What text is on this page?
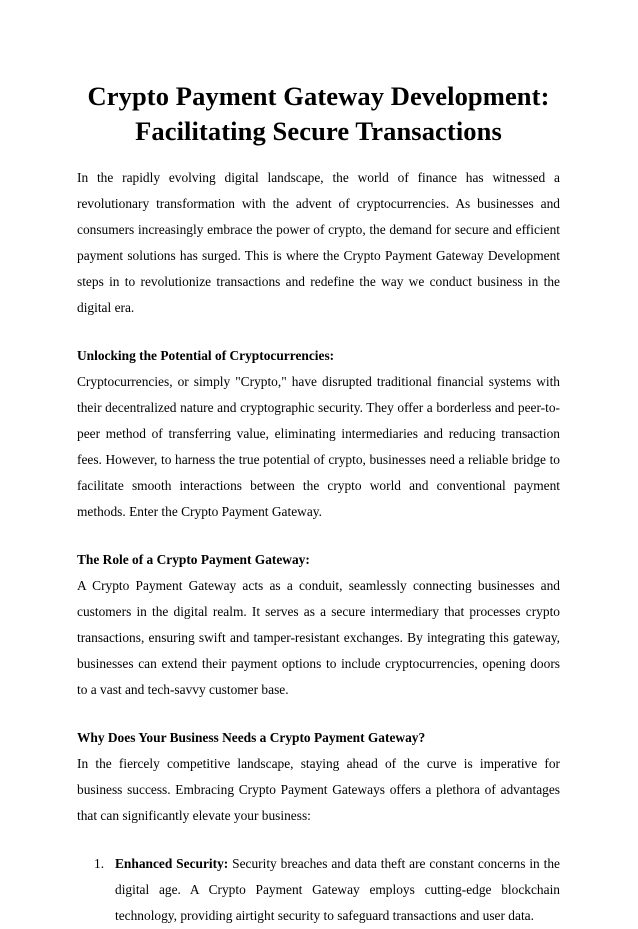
Crypto Payment Gateway Development:
Facilitating Secure Transactions

In the rapidly evolving digital landscape, the world of finance has witnessed a revolutionary transformation with the advent of cryptocurrencies. As businesses and consumers increasingly embrace the power of crypto, the demand for secure and efficient payment solutions has surged. This is where the Crypto Payment Gateway Development steps in to revolutionize transactions and redefine the way we conduct business in the digital era.

Unlocking the Potential of Cryptocurrencies:

Cryptocurrencies, or simply "Crypto," have disrupted traditional financial systems with their decentralized nature and cryptographic security. They offer a borderless and peer-to-peer method of transferring value, eliminating intermediaries and reducing transaction fees. However, to harness the true potential of crypto, businesses need a reliable bridge to facilitate smooth interactions between the crypto world and conventional payment methods. Enter the Crypto Payment Gateway.

The Role of a Crypto Payment Gateway:

A Crypto Payment Gateway acts as a conduit, seamlessly connecting businesses and customers in the digital realm. It serves as a secure intermediary that processes crypto transactions, ensuring swift and tamper-resistant exchanges. By integrating this gateway, businesses can extend their payment options to include cryptocurrencies, opening doors to a vast and tech-savvy customer base.

Why Does Your Business Needs a Crypto Payment Gateway?

In the fiercely competitive landscape, staying ahead of the curve is imperative for business success. Embracing Crypto Payment Gateways offers a plethora of advantages that can significantly elevate your business:

1. Enhanced Security: Security breaches and data theft are constant concerns in the digital age. A Crypto Payment Gateway employs cutting-edge blockchain technology, providing airtight security to safeguard transactions and user data.
